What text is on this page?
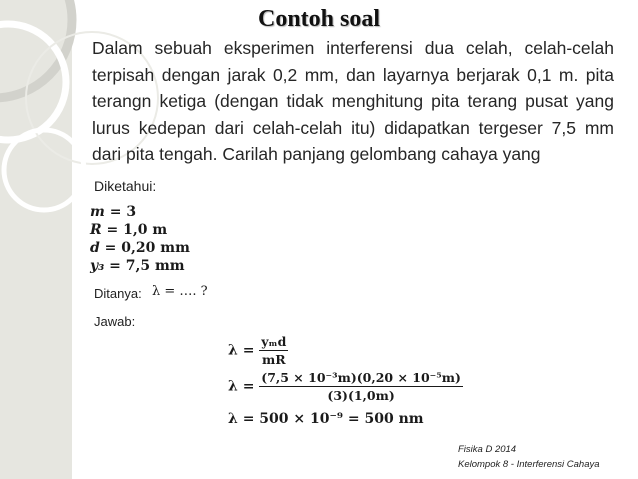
Contoh soal

Dalam sebuah eksperimen interferensi dua celah, celah-celah terpisah dengan jarak 0,2 mm, dan layarnya berjarak 0,1 m. pita terangn ketiga (dengan tidak menghitung pita terang pusat yang lurus kedepan dari celah-celah itu) didapatkan tergeser 7,5 mm dari pita tengah. Carilah panjang gelombang cahaya yang

Diketahui:
m = 3
R = 1,0 m
d = 0,20 mm
y₃ = 7,5 mm
Ditanya: λ = …. ?
Jawab:
$\lambda = \frac{\text{yₘd}}{mR}$
$\lambda = \frac{\text{(7,5 × 10⁻³m)(0,20 × 10⁻⁵m)}}{(3)(1,0m)}$
λ = 500 × 10⁻⁹ = 500 nm
Fisika D 2014
Kelompok 8 - Interferensi Cahaya
